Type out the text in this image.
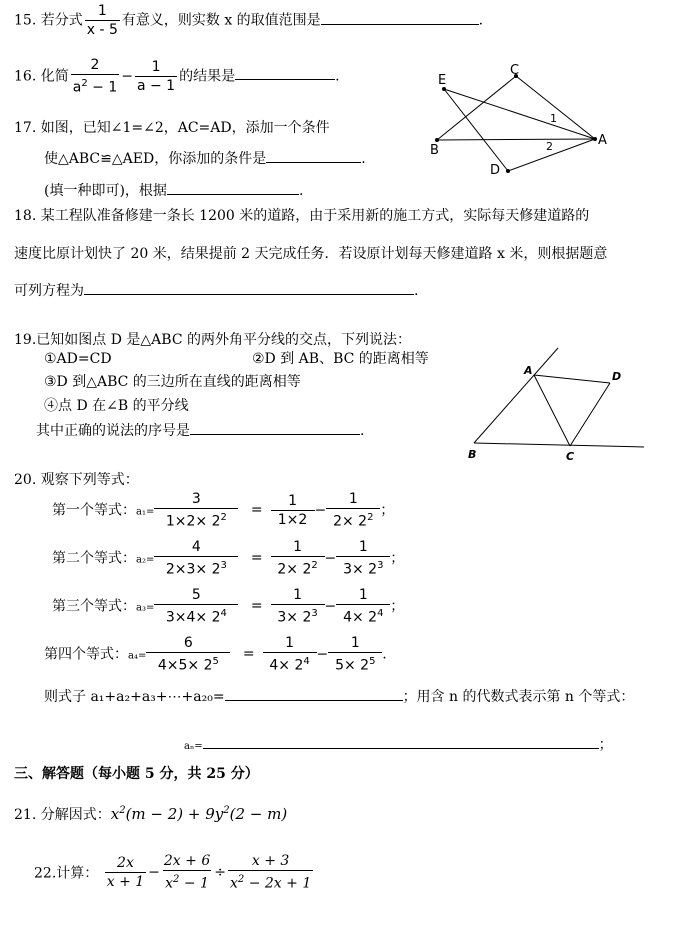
15. 若分式 $\frac{1}{x - 5}$ 有意义，则实数 x 的取值范围是	.
16. 化简 $\frac{2}{a^2 - 1} - \frac{1}{a - 1}$ 的结果是	.
17. 如图，已知∠1=∠2，AC=AD，添加一个条件
使△ABC≌△AED，你添加的条件是	.
(填一种即可)，根据	.
E
C
B
D
A
1
2
18. 某工程队准备修建一条长 1200 米的道路，由于采用新的施工方式，实际每天修建道路的
速度比原计划快了 20 米，结果提前 2 天完成任务．若设原计划每天修建道路 x 米，则根据题意
可列方程为	.
19.已知如图点 D 是△ABC 的两外角平分线的交点，下列说法：
①AD=CD	②D 到 AB、BC 的距离相等
③D 到△ABC 的三边所在直线的距离相等
④点 D 在∠B 的平分线
其中正确的说法的序号是	.
A	D
B	C
20. 观察下列等式：
第一个等式：$a_1= \frac{3}{1\times 2\times 2^2} = \frac{1}{1\times 2} - \frac{1}{2\times 2^2}$ ；
第二个等式：$a_2= \frac{4}{2\times 3\times 2^3} = \frac{1}{2\times 2^2} - \frac{1}{3\times 2^3}$ ；
第三个等式：$a_3= \frac{5}{3\times 4\times 2^4} = \frac{1}{3\times 2^3} - \frac{1}{4\times 2^4}$ ；
第四个等式：$a_4= \frac{6}{4\times 5\times 2^5} = \frac{1}{4\times 2^4} - \frac{1}{5\times 2^5}$ .
则式子 a₁+a₂+a₃+⋯+a₂₀=	；用含 n 的代数式表示第 n 个等式：
aₙ=	；
三、解答题（每小题 5 分，共 25 分）
21. 分解因式：$x^2(m - 2) + 9y^2(2 - m)$
22.计算： $\frac{2x}{x + 1} - \frac{2x + 6}{x^2 - 1} \div \frac{x + 3}{x^2 - 2x + 1}$
